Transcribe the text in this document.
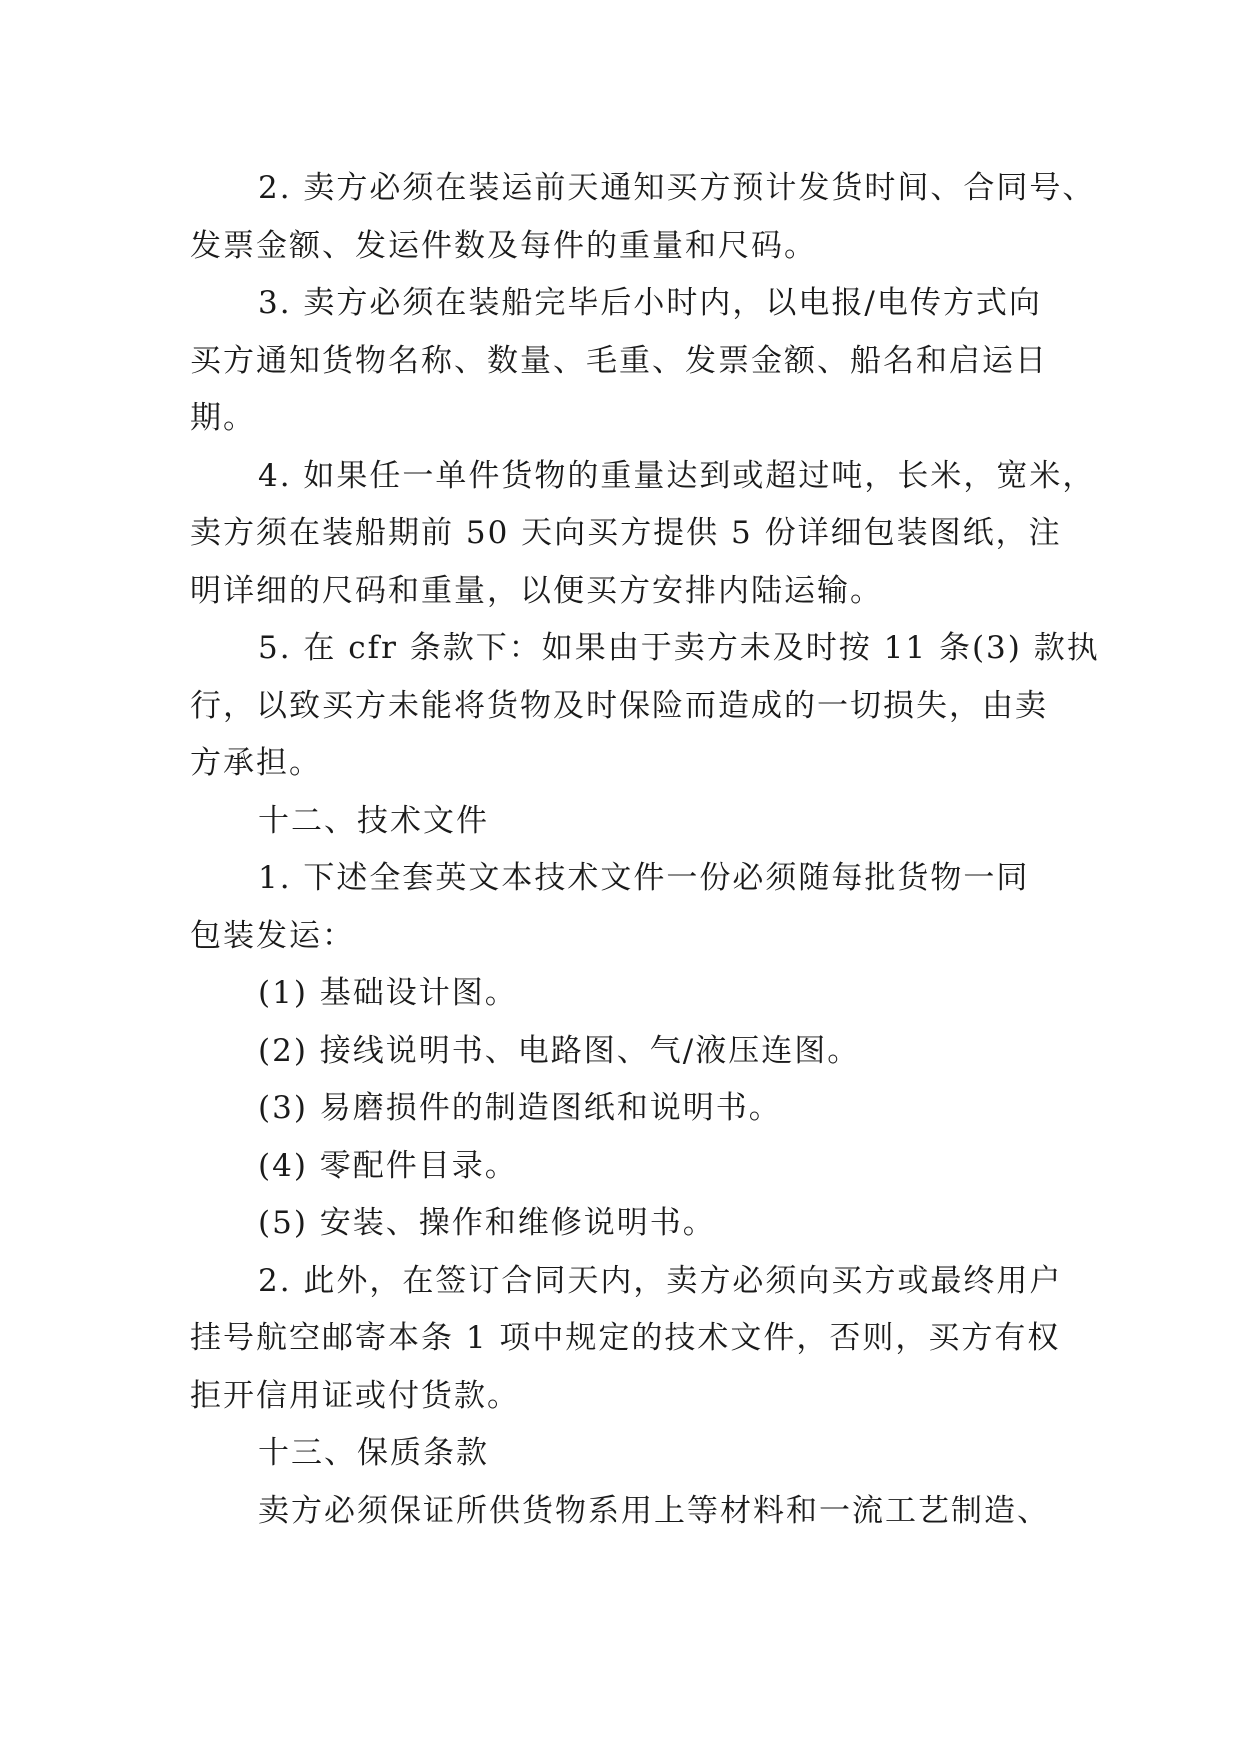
2. 卖方必须在装运前天通知买方预计发货时间、合同号、
发票金额、发运件数及每件的重量和尺码。
3. 卖方必须在装船完毕后小时内，以电报/电传方式向
买方通知货物名称、数量、毛重、发票金额、船名和启运日
期。
4. 如果任一单件货物的重量达到或超过吨，长米，宽米，
卖方须在装船期前 50 天向买方提供 5 份详细包装图纸，注
明详细的尺码和重量，以便买方安排内陆运输。
5. 在 cfr 条款下：如果由于卖方未及时按 11 条(3) 款执
行，以致买方未能将货物及时保险而造成的一切损失，由卖
方承担。
十二、技术文件
1. 下述全套英文本技术文件一份必须随每批货物一同
包装发运：
(1) 基础设计图。
(2) 接线说明书、电路图、气/液压连图。
(3) 易磨损件的制造图纸和说明书。
(4) 零配件目录。
(5) 安装、操作和维修说明书。
2. 此外，在签订合同天内，卖方必须向买方或最终用户
挂号航空邮寄本条 1 项中规定的技术文件，否则，买方有权
拒开信用证或付货款。
十三、保质条款
卖方必须保证所供货物系用上等材料和一流工艺制造、
